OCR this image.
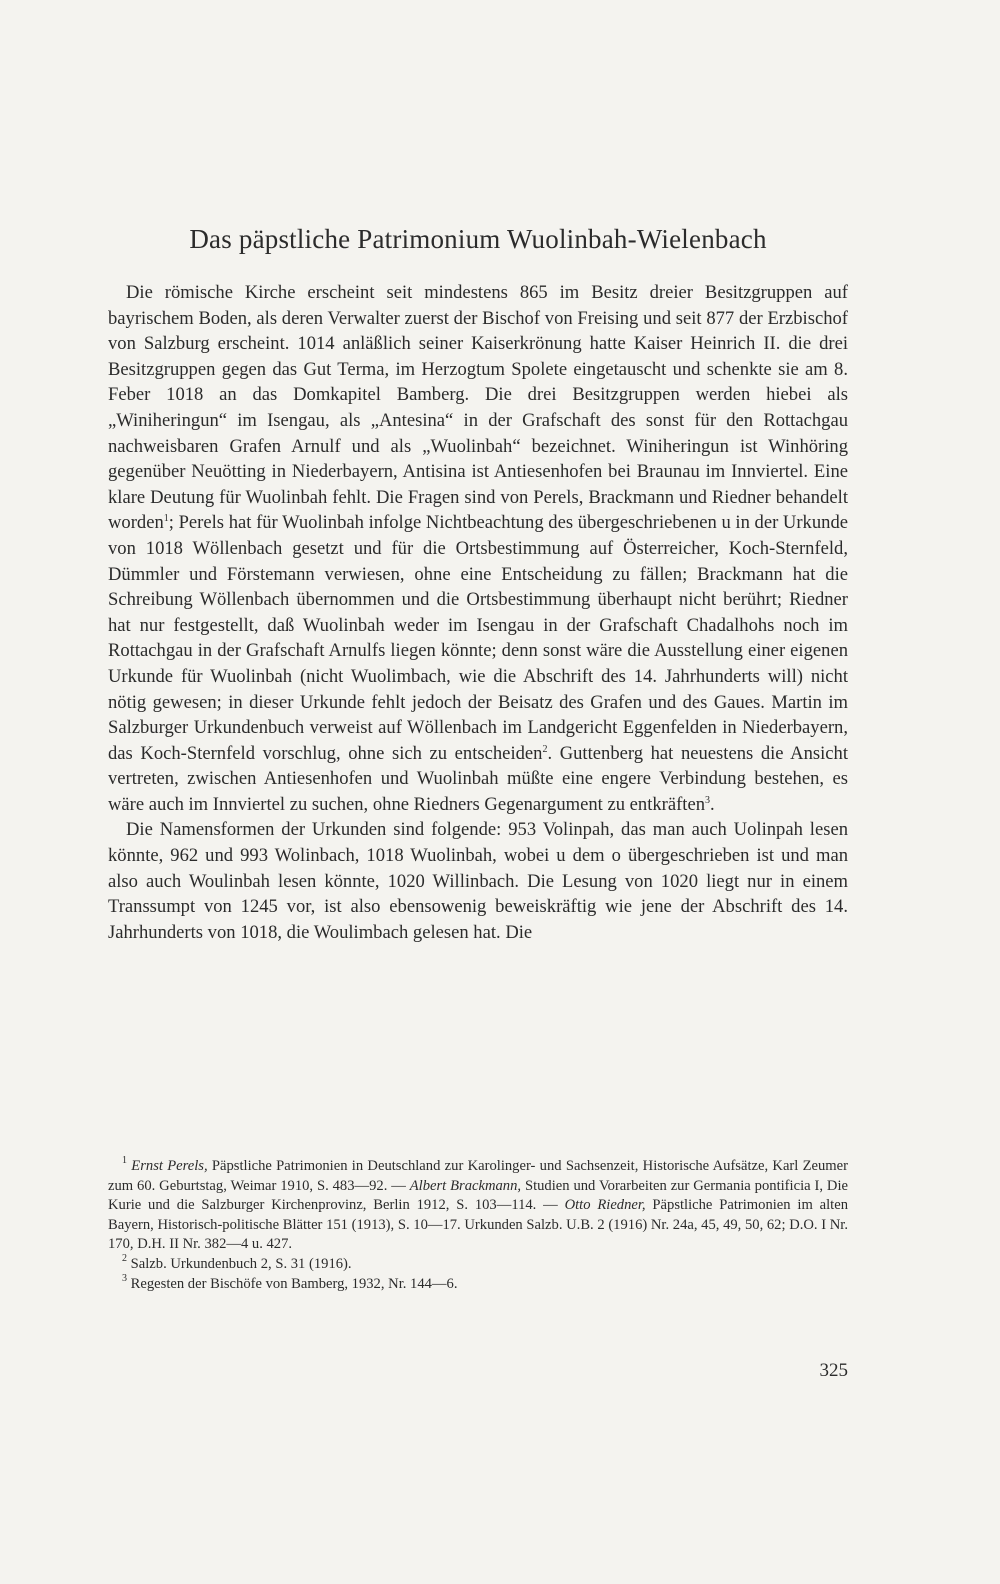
Das päpstliche Patrimonium Wuolinbah-Wielenbach

Die römische Kirche erscheint seit mindestens 865 im Besitz dreier Besitzgruppen auf bayrischem Boden, als deren Verwalter zuerst der Bischof von Freising und seit 877 der Erzbischof von Salzburg erscheint. 1014 anläßlich seiner Kaiserkrönung hatte Kaiser Heinrich II. die drei Besitzgruppen gegen das Gut Terma, im Herzogtum Spolete eingetauscht und schenkte sie am 8. Feber 1018 an das Domkapitel Bamberg. Die drei Besitzgruppen werden hiebei als „Winiheringun“ im Isengau, als „Antesina“ in der Grafschaft des sonst für den Rottachgau nachweisbaren Grafen Arnulf und als „Wuolinbah“ bezeichnet. Winiheringun ist Winhöring gegenüber Neuötting in Niederbayern, Antisina ist Antiesenhofen bei Braunau im Innviertel. Eine klare Deutung für Wuolinbah fehlt. Die Fragen sind von Perels, Brackmann und Riedner behandelt worden$^1$; Perels hat für Wuolinbah infolge Nichtbeachtung des übergeschriebenen u in der Urkunde von 1018 Wöllenbach gesetzt und für die Ortsbestimmung auf Österreicher, Koch-Sternfeld, Dümmler und Förstemann verwiesen, ohne eine Entscheidung zu fällen; Brackmann hat die Schreibung Wöllenbach übernommen und die Ortsbestimmung überhaupt nicht berührt; Riedner hat nur festgestellt, daß Wuolinbah weder im Isengau in der Grafschaft Chadalhohs noch im Rottachgau in der Grafschaft Arnulfs liegen könnte; denn sonst wäre die Ausstellung einer eigenen Urkunde für Wuolinbah (nicht Wuolimbach, wie die Abschrift des 14. Jahrhunderts will) nicht nötig gewesen; in dieser Urkunde fehlt jedoch der Beisatz des Grafen und des Gaues. Martin im Salzburger Urkundenbuch verweist auf Wöllenbach im Landgericht Eggenfelden in Niederbayern, das Koch-Sternfeld vorschlug, ohne sich zu entscheiden$^2$. Guttenberg hat neuestens die Ansicht vertreten, zwischen Antiesenhofen und Wuolinbah müßte eine engere Verbindung bestehen, es wäre auch im Innviertel zu suchen, ohne Riedners Gegenargument zu entkräften$^3$.

Die Namensformen der Urkunden sind folgende: 953 Volinpah, das man auch Uolinpah lesen könnte, 962 und 993 Wolinbach, 1018 Wuolinbah, wobei u dem o übergeschrieben ist und man also auch Woulinbah lesen könnte, 1020 Willinbach. Die Lesung von 1020 liegt nur in einem Transsumpt von 1245 vor, ist also ebensowenig beweiskräftig wie jene der Abschrift des 14. Jahrhunderts von 1018, die Woulimbach gelesen hat. Die

$^1$ Ernst Perels, Päpstliche Patrimonien in Deutschland zur Karolinger- und Sachsenzeit, Historische Aufsätze, Karl Zeumer zum 60. Geburtstag, Weimar 1910, S. 483—92. — Albert Brackmann, Studien und Vorarbeiten zur Germania pontificia I, Die Kurie und die Salzburger Kirchenprovinz, Berlin 1912, S. 103—114. — Otto Riedner, Päpstliche Patrimonien im alten Bayern, Historisch-politische Blätter 151 (1913), S. 10—17. Urkunden Salzb. U.B. 2 (1916) Nr. 24a, 45, 49, 50, 62; D.O. I Nr. 170, D.H. II Nr. 382—4 u. 427.

$^2$ Salzb. Urkundenbuch 2, S. 31 (1916).

$^3$ Regesten der Bischöfe von Bamberg, 1932, Nr. 144—6.

325
